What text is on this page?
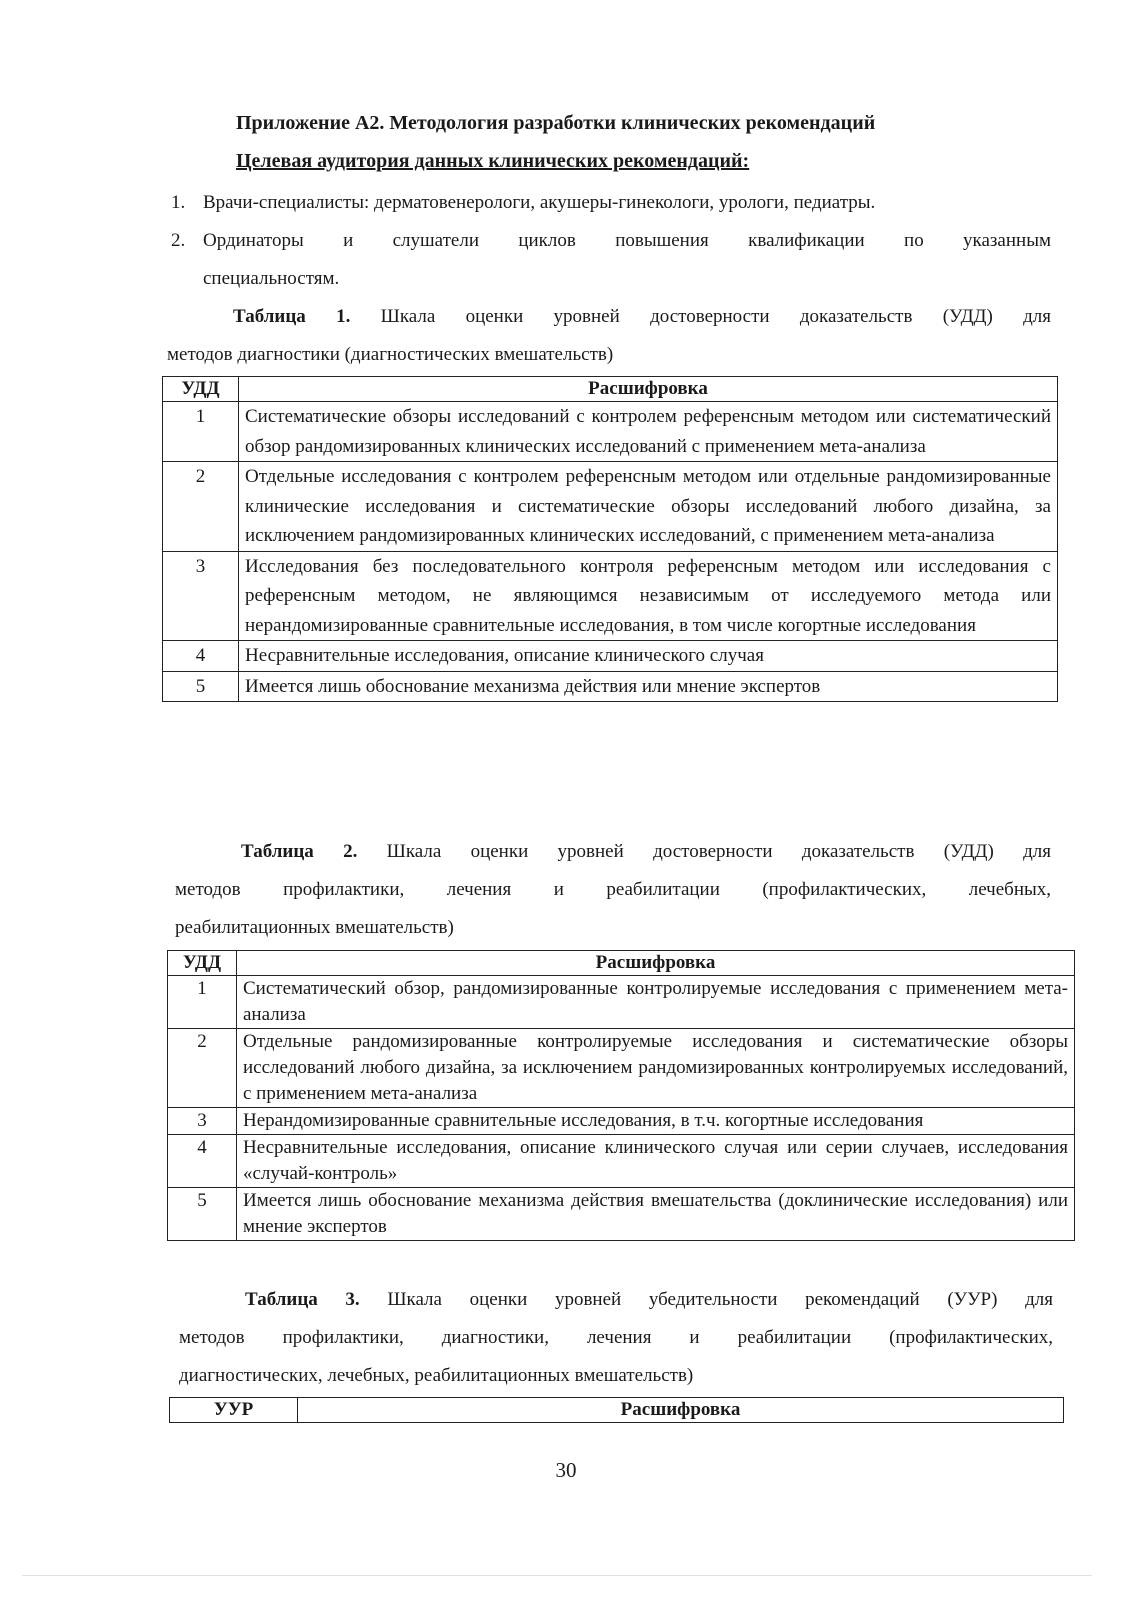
Приложение А2. Методология разработки клинических рекомендаций
Целевая аудитория данных клинических рекомендаций:
1. Врачи-специалисты: дерматовенерологи, акушеры-гинекологи, урологи, педиатры.
2. Ординаторы и слушатели циклов повышения квалификации по указанным
специальностям.
Таблица 1. Шкала оценки уровней достоверности доказательств (УДД) для
методов диагностики (диагностических вмешательств)
УДД	Расшифровка
1	Систематические обзоры исследований с контролем референсным методом или систематический обзор рандомизированных клинических исследований с применением мета-анализа
2	Отдельные исследования с контролем референсным методом или отдельные рандомизированные клинические исследования и систематические обзоры исследований любого дизайна, за исключением рандомизированных клинических исследований, с применением мета-анализа
3	Исследования без последовательного контроля референсным методом или исследования с референсным методом, не являющимся независимым от исследуемого метода или нерандомизированные сравнительные исследования, в том числе когортные исследования
4	Несравнительные исследования, описание клинического случая
5	Имеется лишь обоснование механизма действия или мнение экспертов
Таблица 2. Шкала оценки уровней достоверности доказательств (УДД) для
методов профилактики, лечения и реабилитации (профилактических, лечебных,
реабилитационных вмешательств)
УДД	Расшифровка
1	Систематический обзор, рандомизированные контролируемые исследования с применением мета-анализа
2	Отдельные рандомизированные контролируемые исследования и систематические обзоры исследований любого дизайна, за исключением рандомизированных контролируемых исследований, с применением мета-анализа
3	Нерандомизированные сравнительные исследования, в т.ч. когортные исследования
4	Несравнительные исследования, описание клинического случая или серии случаев, исследования «случай-контроль»
5	Имеется лишь обоснование механизма действия вмешательства (доклинические исследования) или мнение экспертов
Таблица 3. Шкала оценки уровней убедительности рекомендаций (УУР) для
методов профилактики, диагностики, лечения и реабилитации (профилактических,
диагностических, лечебных, реабилитационных вмешательств)
УУР	Расшифровка
30
